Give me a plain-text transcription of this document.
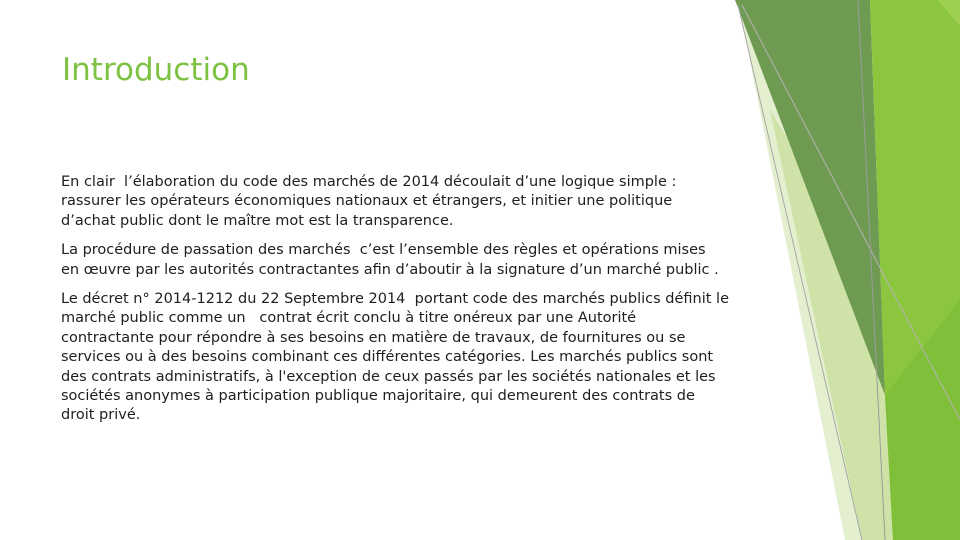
Introduction

En clair  l’élaboration du code des marchés de 2014 découlait d’une logique simple : rassurer les opérateurs économiques nationaux et étrangers, et initier une politique d’achat public dont le maître mot est la transparence.

La procédure de passation des marchés  c’est l’ensemble des règles et opérations mises  en œuvre par les autorités contractantes afin d’aboutir à la signature d’un marché public .

Le décret n° 2014-1212 du 22 Septembre 2014  portant code des marchés publics définit le marché public comme un   contrat écrit conclu à titre onéreux par une Autorité contractante pour répondre à ses besoins en matière de travaux, de fournitures ou se services ou à des besoins combinant ces différentes catégories. Les marchés publics sont des contrats administratifs, à l'exception de ceux passés par les sociétés nationales et les sociétés anonymes à participation publique majoritaire, qui demeurent des contrats de droit privé.
